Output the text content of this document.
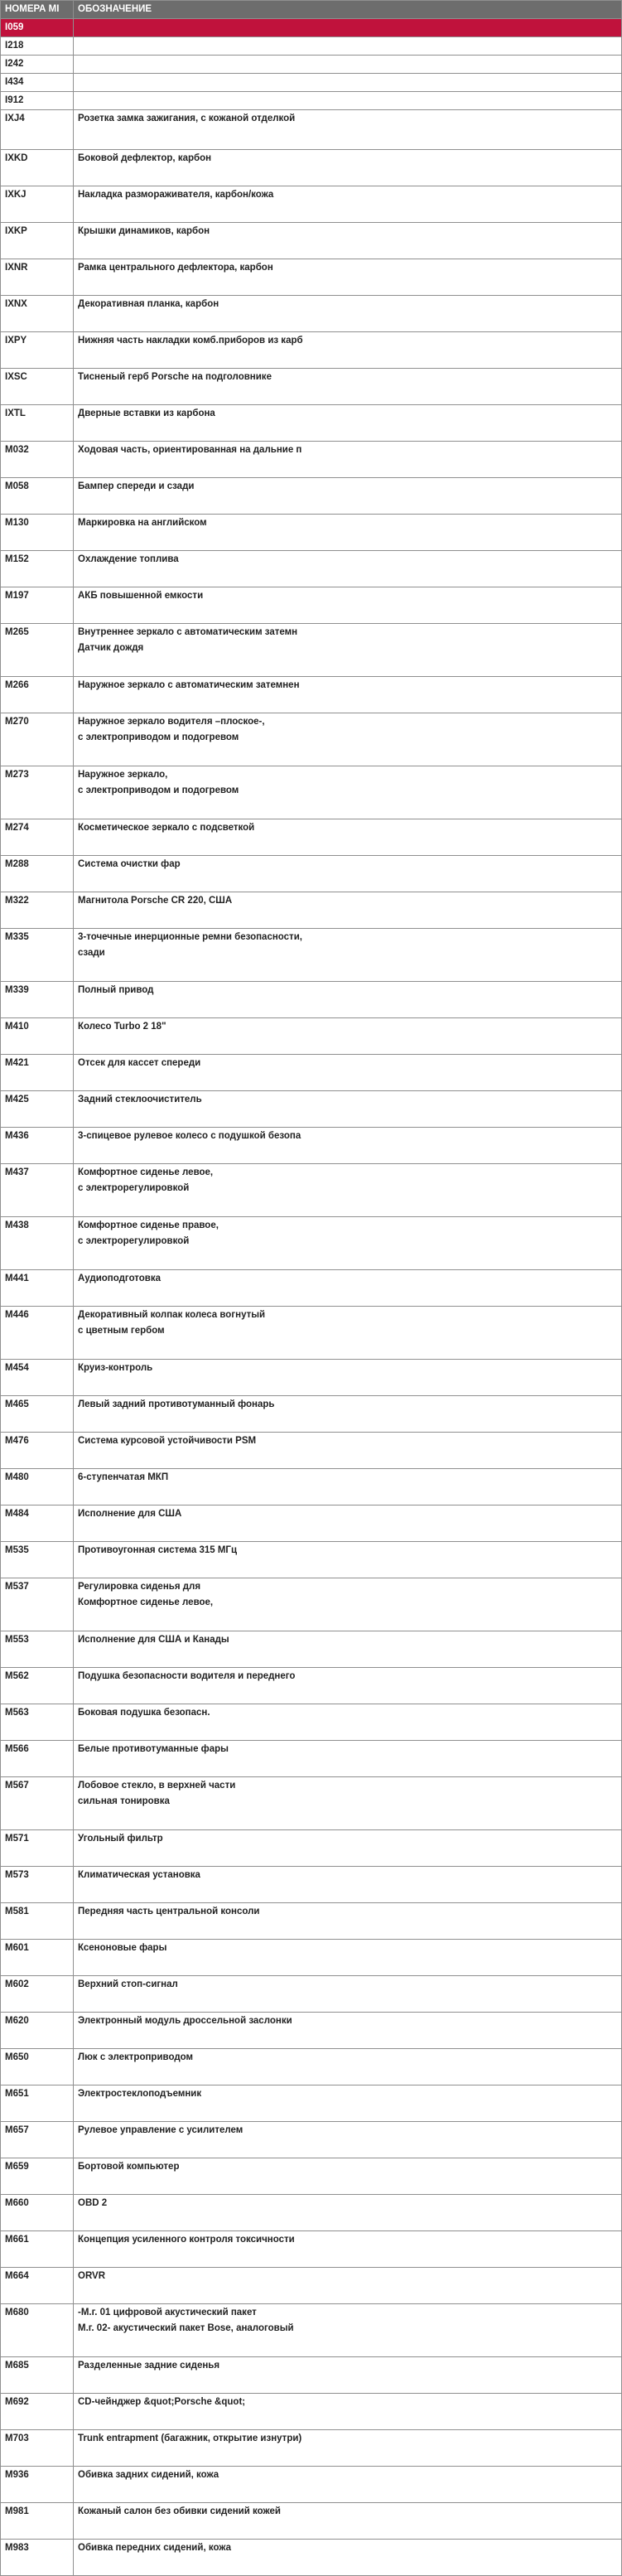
НОМЕРА MI	ОБОЗНАЧЕНИЕ
I059	
I218	
I242	
I434	
I912	
IXJ4	Розетка замка зажигания, с кожаной отделкой
IXKD	Боковой дефлектор, карбон
IXKJ	Накладка размораживателя, карбон/кожа
IXKP	Крышки динамиков, карбон
IXNR	Рамка центрального дефлектора, карбон
IXNX	Декоративная планка, карбон
IXPY	Нижняя часть накладки комб.приборов из карб
IXSC	Тисненый герб Porsche на подголовнике
IXTL	Дверные вставки из карбона
M032	Ходовая часть, ориентированная на дальние п
M058	Бампер спереди и сзади
M130	Маркировка на английском
M152	Охлаждение топлива
M197	АКБ повышенной емкости
M265	Внутреннее зеркало с автоматическим затемн
Датчик дождя
M266	Наружное зеркало с автоматическим затемнен
M270	Наружное зеркало водителя –плоское-,
с электроприводом и подогревом
M273	Наружное зеркало,
с электроприводом и подогревом
M274	Косметическое зеркало с подсветкой
M288	Система очистки фар
M322	Магнитола Porsche CR 220, США
M335	3-точечные инерционные ремни безопасности,
сзади
M339	Полный привод
M410	Колесо Turbo 2 18"
M421	Отсек для кассет спереди
M425	Задний стеклоочиститель
M436	3-спицевое рулевое колесо с подушкой безопа
M437	Комфортное сиденье левое,
с электрорегулировкой
M438	Комфортное сиденье правое,
с электрорегулировкой
M441	Аудиоподготовка
M446	Декоративный колпак колеса вогнутый
с цветным гербом
M454	Круиз-контроль
M465	Левый задний противотуманный фонарь
M476	Система курсовой устойчивости PSM
M480	6-ступенчатая МКП
M484	Исполнение для США
M535	Противоугонная система 315 МГц
M537	Регулировка сиденья для
Комфортное сиденье левое,
M553	Исполнение для США и Канады
M562	Подушка безопасности водителя и переднего
M563	Боковая подушка безопасн.
M566	Белые противотуманные фары
M567	Лобовое стекло, в верхней части
сильная тонировка
M571	Угольный фильтр
M573	Климатическая установка
M581	Передняя часть центральной консоли
M601	Ксеноновые фары
M602	Верхний стоп-сигнал
M620	Электронный модуль дроссельной заслонки
M650	Люк с электроприводом
M651	Электростеклоподъемник
M657	Рулевое управление с усилителем
M659	Бортовой компьютер
M660	OBD 2
M661	Концепция усиленного контроля токсичности
M664	ORVR
M680	-M.г. 01 цифровой акустический пакет
M.г. 02- акустический пакет Bose, аналоговый
M685	Разделенные задние сиденья
M692	CD-чейнджер &quot;Porsche &quot;
M703	Trunk entrapment (багажник, открытие изнутри)
M936	Обивка задних сидений, кожа
M981	Кожаный салон без обивки сидений кожей
M983	Обивка передних сидений, кожа
